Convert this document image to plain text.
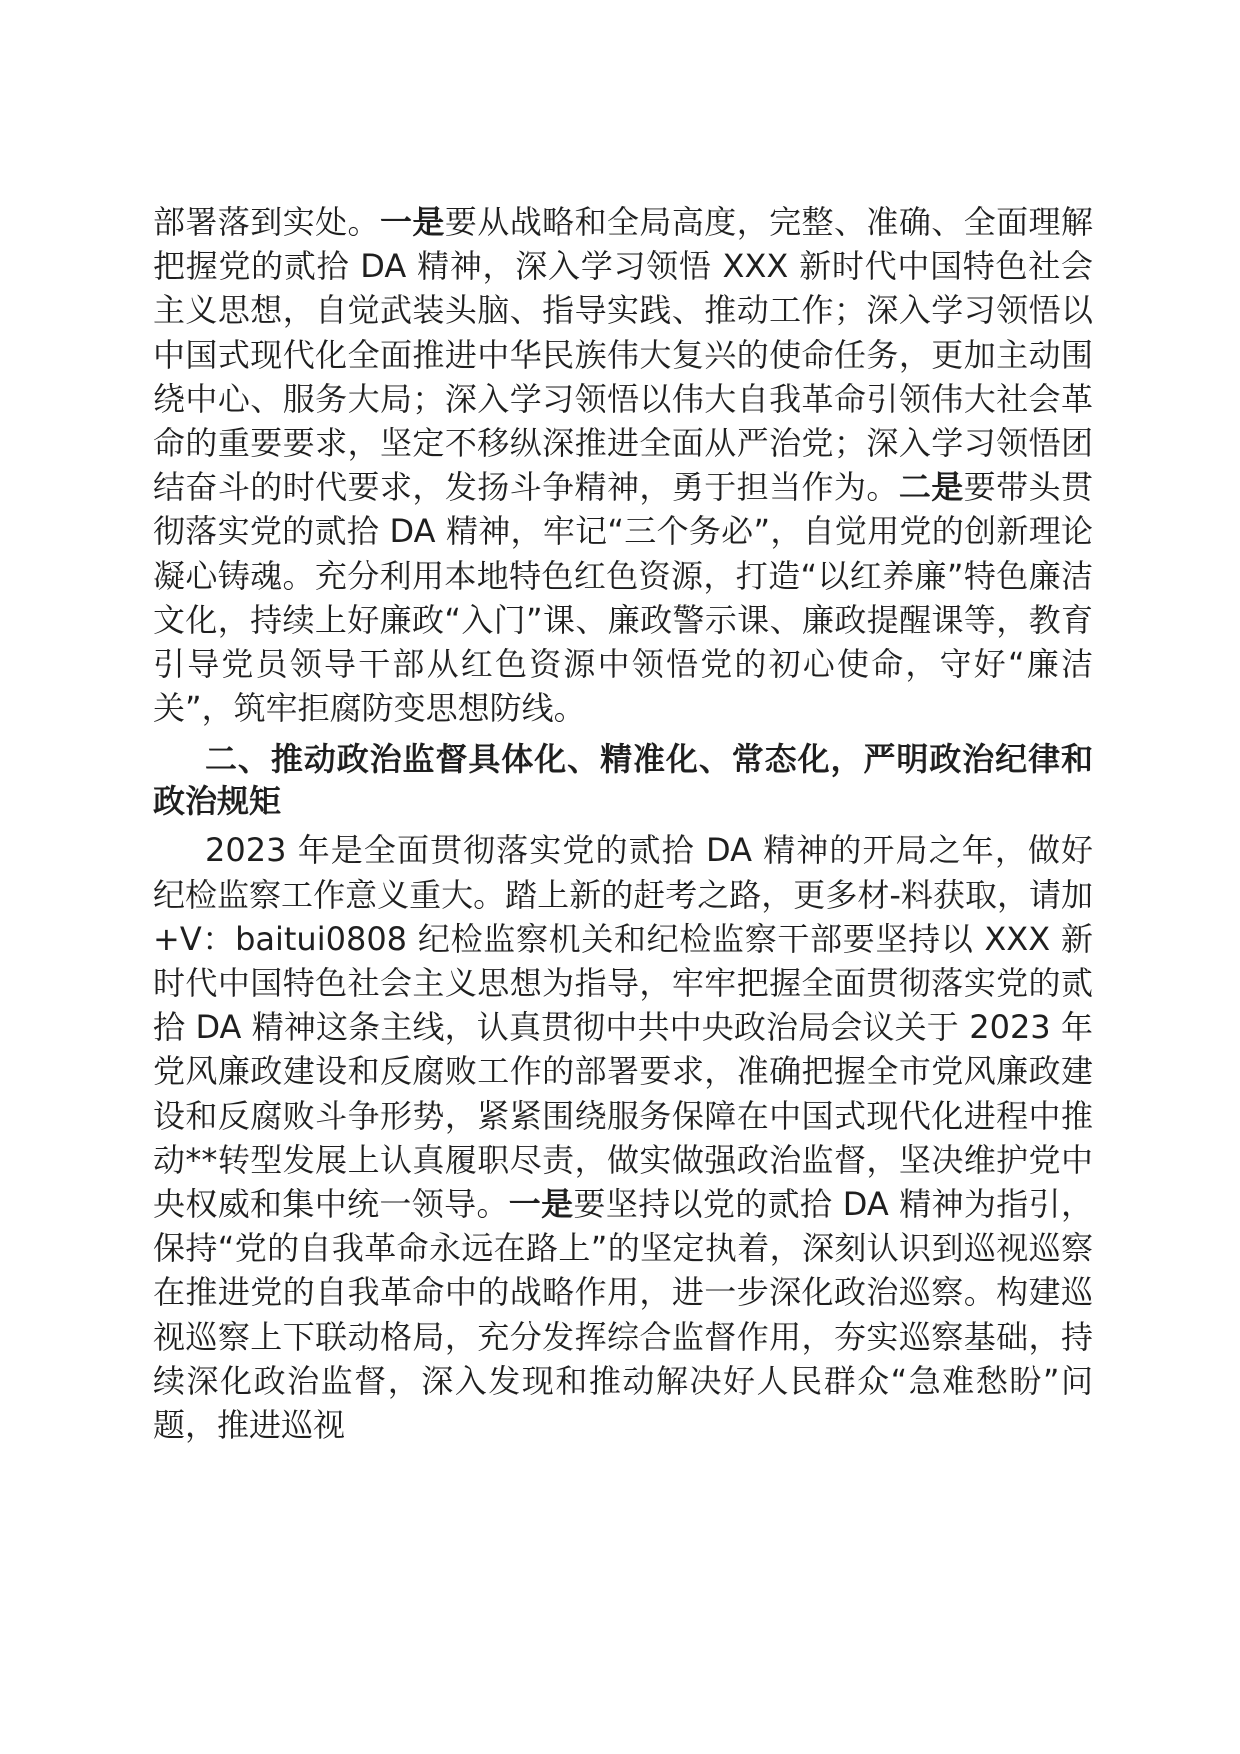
部署落到实处。一是要从战略和全局高度，完整、准确、全面理解把握党的贰拾 DA 精神，深入学习领悟 XXX 新时代中国特色社会主义思想，自觉武装头脑、指导实践、推动工作；深入学习领悟以中国式现代化全面推进中华民族伟大复兴的使命任务，更加主动围绕中心、服务大局；深入学习领悟以伟大自我革命引领伟大社会革命的重要要求，坚定不移纵深推进全面从严治党；深入学习领悟团结奋斗的时代要求，发扬斗争精神，勇于担当作为。二是要带头贯彻落实党的贰拾 DA 精神，牢记“三个务必”，自觉用党的创新理论凝心铸魂。充分利用本地特色红色资源，打造“以红养廉”特色廉洁文化，持续上好廉政“入门”课、廉政警示课、廉政提醒课等，教育引导党员领导干部从红色资源中领悟党的初心使命，守好“廉洁关”，筑牢拒腐防变思想防线。

二、推动政治监督具体化、精准化、常态化，严明政治纪律和政治规矩

2023 年是全面贯彻落实党的贰拾 DA 精神的开局之年，做好纪检监察工作意义重大。踏上新的赶考之路，更多材-料获取，请加+V：baitui0808 纪检监察机关和纪检监察干部要坚持以 XXX 新时代中国特色社会主义思想为指导，牢牢把握全面贯彻落实党的贰拾 DA 精神这条主线，认真贯彻中共中央政治局会议关于 2023 年党风廉政建设和反腐败工作的部署要求，准确把握全市党风廉政建设和反腐败斗争形势，紧紧围绕服务保障在中国式现代化进程中推动**转型发展上认真履职尽责，做实做强政治监督，坚决维护党中央权威和集中统一领导。一是要坚持以党的贰拾 DA 精神为指引，保持“党的自我革命永远在路上”的坚定执着，深刻认识到巡视巡察在推进党的自我革命中的战略作用，进一步深化政治巡察。构建巡视巡察上下联动格局，充分发挥综合监督作用，夯实巡察基础，持续深化政治监督，深入发现和推动解决好人民群众“急难愁盼”问题，推进巡视
